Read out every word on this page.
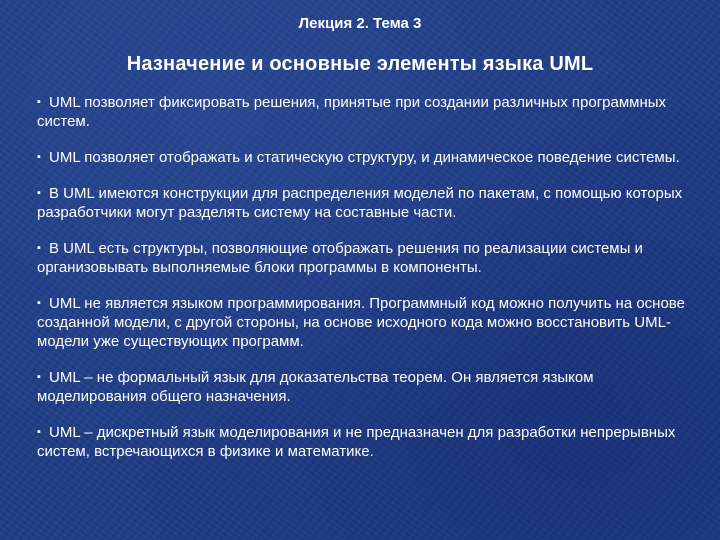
Лекция 2. Тема 3
Назначение и основные элементы языка UML
▪ UML позволяет фиксировать решения, принятые при создании различных программных систем.
▪ UML позволяет отображать и статическую структуру, и динамическое поведение системы.
▪ В UML имеются конструкции для распределения моделей по пакетам, с помощью которых разработчики могут разделять систему на составные части.
▪ В UML есть структуры, позволяющие отображать решения по реализации системы и организовывать выполняемые блоки программы в компоненты.
▪ UML не является языком программирования. Программный код можно получить на основе созданной модели, с другой стороны, на основе исходного кода можно восстановить UML-модели уже существующих программ.
▪ UML – не формальный язык для доказательства теорем. Он является языком моделирования общего назначения.
▪ UML – дискретный язык моделирования и не предназначен для разработки непрерывных систем, встречающихся в физике и математике.
